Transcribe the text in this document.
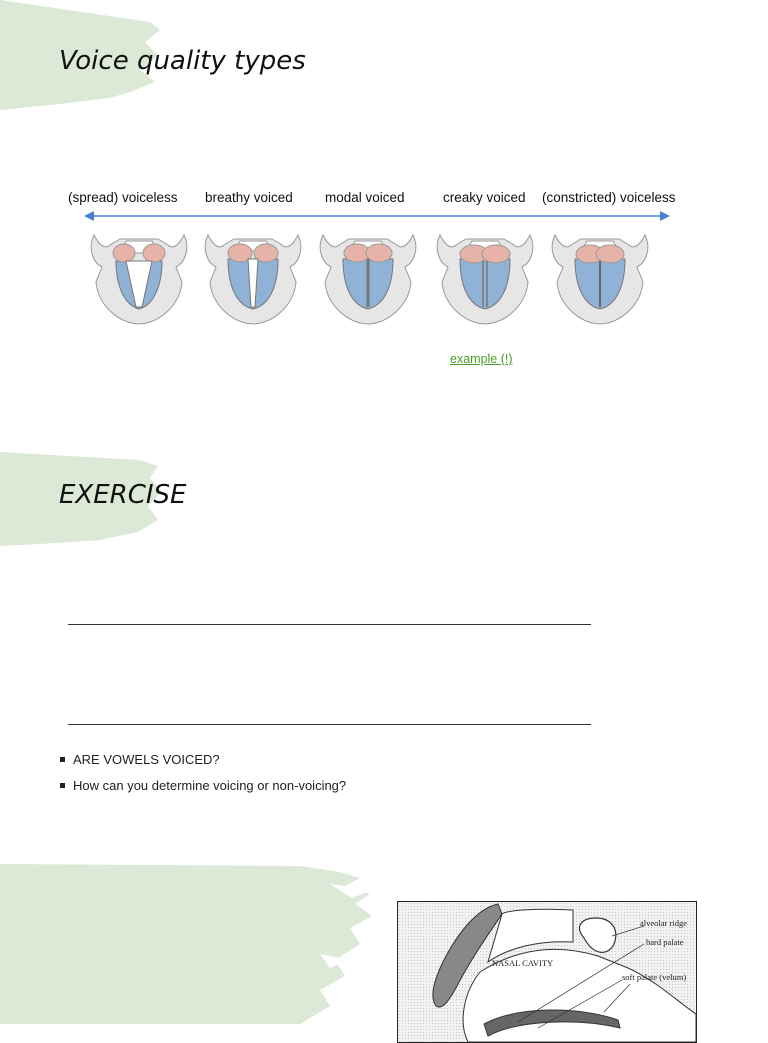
Voice quality types
(spread) voiceless breathy voiced modal voiced	creaky voiced (constricted) voiceless
example (!)
EXERCISE
ARE VOWELS VOICED?
How can you determine voicing or non-voicing?
NASAL CAVITY
alveolar ridge
hard palate
soft palate (velum)
